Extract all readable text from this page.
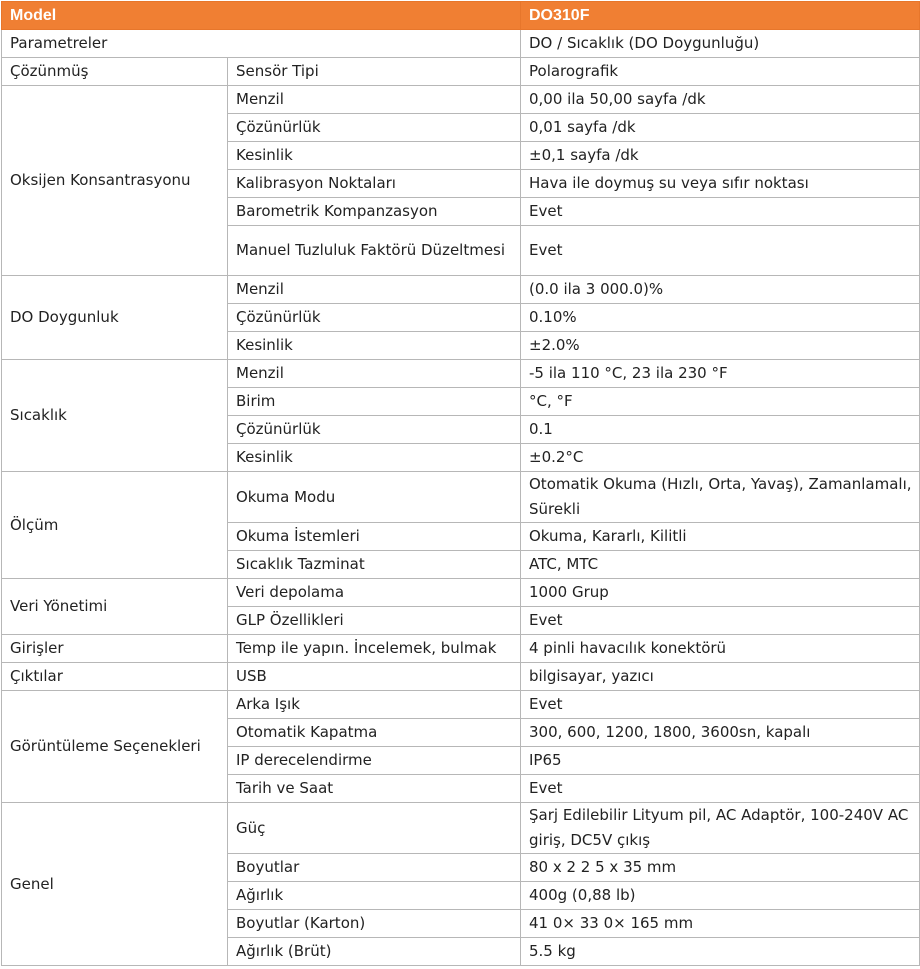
Model		DO310F
Parametreler		DO / Sıcaklık (DO Doygunluğu)
Çözünmüş	Sensör Tipi	Polarografik
Oksijen Konsantrasyonu	Menzil	0,00 ila 50,00 sayfa /dk
	Çözünürlük	0,01 sayfa /dk
	Kesinlik	±0,1 sayfa /dk
	Kalibrasyon Noktaları	Hava ile doymuş su veya sıfır noktası
	Barometrik Kompanzasyon	Evet
	Manuel Tuzluluk Faktörü Düzeltmesi	Evet
DO Doygunluk	Menzil	(0.0 ila 3 000.0)%
	Çözünürlük	0.10%
	Kesinlik	±2.0%
Sıcaklık	Menzil	-5 ila 110 °C, 23 ila 230 °F
	Birim	°C, °F
	Çözünürlük	0.1
	Kesinlik	±0.2°C
Ölçüm	Okuma Modu	Otomatik Okuma (Hızlı, Orta, Yavaş), Zamanlamalı, Sürekli
	Okuma İstemleri	Okuma, Kararlı, Kilitli
	Sıcaklık Tazminat	ATC, MTC
Veri Yönetimi	Veri depolama	1000 Grup
	GLP Özellikleri	Evet
Girişler	Temp ile yapın. İncelemek, bulmak	4 pinli havacılık konektörü
Çıktılar	USB	bilgisayar, yazıcı
Görüntüleme Seçenekleri	Arka Işık	Evet
	Otomatik Kapatma	300, 600, 1200, 1800, 3600sn, kapalı
	IP derecelendirme	IP65
	Tarih ve Saat	Evet
Genel	Güç	Şarj Edilebilir Lityum pil, AC Adaptör, 100-240V AC giriş, DC5V çıkış
	Boyutlar	80 x 2 2 5 x 35 mm
	Ağırlık	400g (0,88 lb)
	Boyutlar (Karton)	41 0× 33 0× 165 mm
	Ağırlık (Brüt)	5.5 kg
